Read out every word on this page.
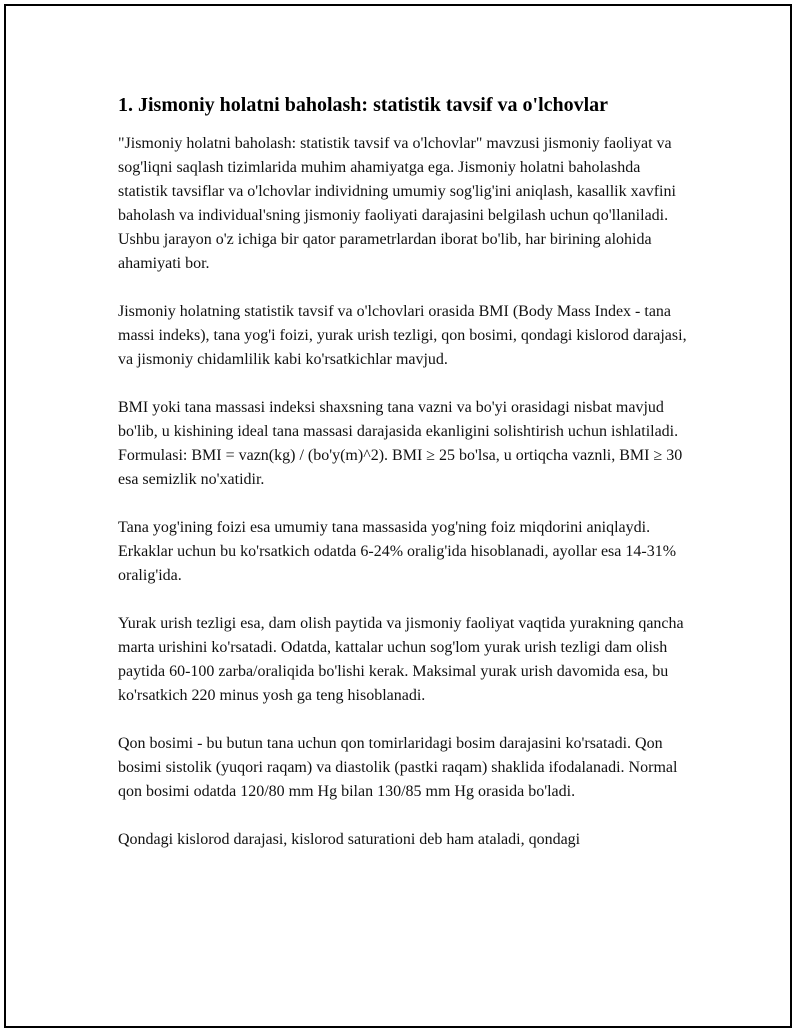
1. Jismoniy holatni baholash: statistik tavsif va o'lchovlar

"Jismoniy holatni baholash: statistik tavsif va o'lchovlar" mavzusi jismoniy faoliyat va sog'liqni saqlash tizimlarida muhim ahamiyatga ega. Jismoniy holatni baholashda statistik tavsiflar va o'lchovlar individning umumiy sog'lig'ini aniqlash, kasallik xavfini baholash va individual'sning jismoniy faoliyati darajasini belgilash uchun qo'llaniladi. Ushbu jarayon o'z ichiga bir qator parametrlardan iborat bo'lib, har birining alohida ahamiyati bor.

Jismoniy holatning statistik tavsif va o'lchovlari orasida BMI (Body Mass Index - tana massi indeks), tana yog'i foizi, yurak urish tezligi, qon bosimi, qondagi kislorod darajasi, va jismoniy chidamlilik kabi ko'rsatkichlar mavjud.

BMI yoki tana massasi indeksi shaxsning tana vazni va bo'yi orasidagi nisbat mavjud bo'lib, u kishining ideal tana massasi darajasida ekanligini solishtirish uchun ishlatiladi. Formulasi: BMI = vazn(kg) / (bo'y(m)^2). BMI ≥ 25 bo'lsa, u ortiqcha vaznli, BMI ≥ 30 esa semizlik no'xatidir.

Tana yog'ining foizi esa umumiy tana massasida yog'ning foiz miqdorini aniqlaydi. Erkaklar uchun bu ko'rsatkich odatda 6-24% oralig'ida hisoblanadi, ayollar esa 14-31% oralig'ida.

Yurak urish tezligi esa, dam olish paytida va jismoniy faoliyat vaqtida yurakning qancha marta urishini ko'rsatadi. Odatda, kattalar uchun sog'lom yurak urish tezligi dam olish paytida 60-100 zarba/oraliqida bo'lishi kerak. Maksimal yurak urish davomida esa, bu ko'rsatkich 220 minus yosh ga teng hisoblanadi.

Qon bosimi - bu butun tana uchun qon tomirlaridagi bosim darajasini ko'rsatadi. Qon bosimi sistolik (yuqori raqam) va diastolik (pastki raqam) shaklida ifodalanadi. Normal qon bosimi odatda 120/80 mm Hg bilan 130/85 mm Hg orasida bo'ladi.

Qondagi kislorod darajasi, kislorod saturationi deb ham ataladi, qondagi
